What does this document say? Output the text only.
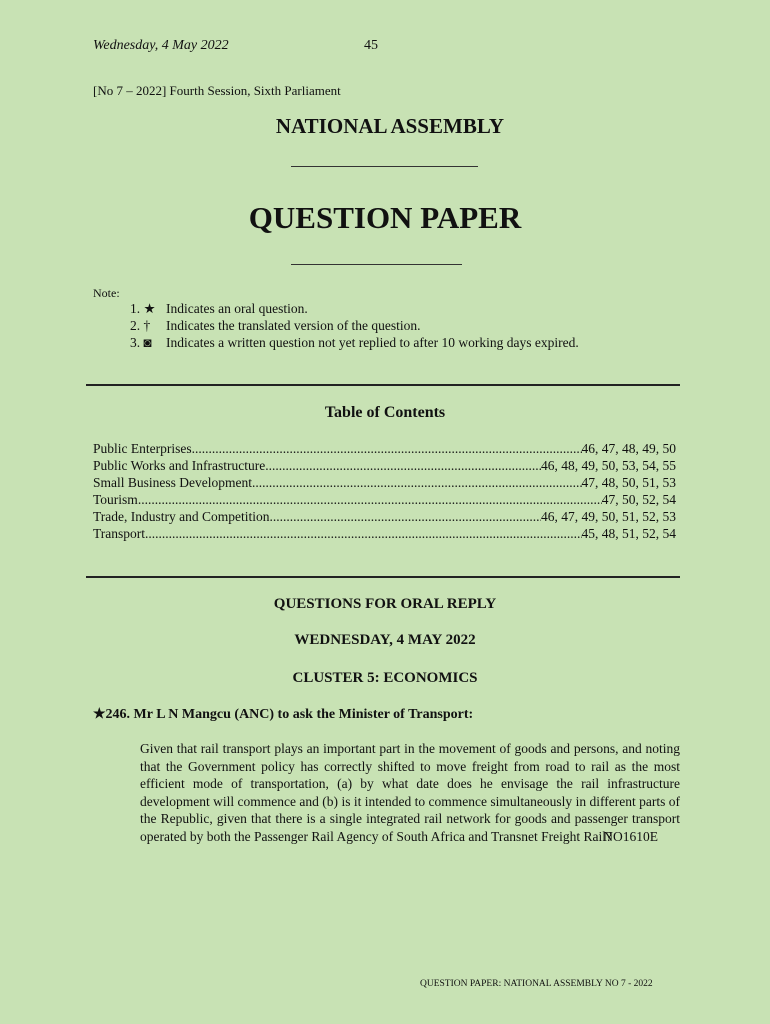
Wednesday, 4 May 2022	45
[No 7 – 2022] Fourth Session, Sixth Parliament
NATIONAL ASSEMBLY
QUESTION PAPER
Note:
1. ★ Indicates an oral question.
2. †	Indicates the translated version of the question.
3. ◙	Indicates a written question not yet replied to after 10 working days expired.
Table of Contents
Public Enterprises .....	46, 47, 48, 49, 50
Public Works and Infrastructure .....	46, 48, 49, 50, 53, 54, 55
Small Business Development .....	47, 48, 50, 51, 53
Tourism .....	47, 50, 52, 54
Trade, Industry and Competition .....	46, 47, 49, 50, 51, 52, 53
Transport .....	45, 48, 51, 52, 54
QUESTIONS FOR ORAL REPLY
WEDNESDAY, 4 MAY 2022
CLUSTER 5: ECONOMICS
★246. Mr L N Mangcu (ANC) to ask the Minister of Transport:
Given that rail transport plays an important part in the movement of goods and persons, and noting that the Government policy has correctly shifted to move freight from road to rail as the most efficient mode of transportation, (a) by what date does he envisage the rail infrastructure development will commence and (b) is it intended to commence simultaneously in different parts of the Republic, given that there is a single integrated rail network for goods and passenger transport operated by both the Passenger Rail Agency of South Africa and Transnet Freight Rail?
NO1610E
QUESTION PAPER: NATIONAL ASSEMBLY NO 7 - 2022
